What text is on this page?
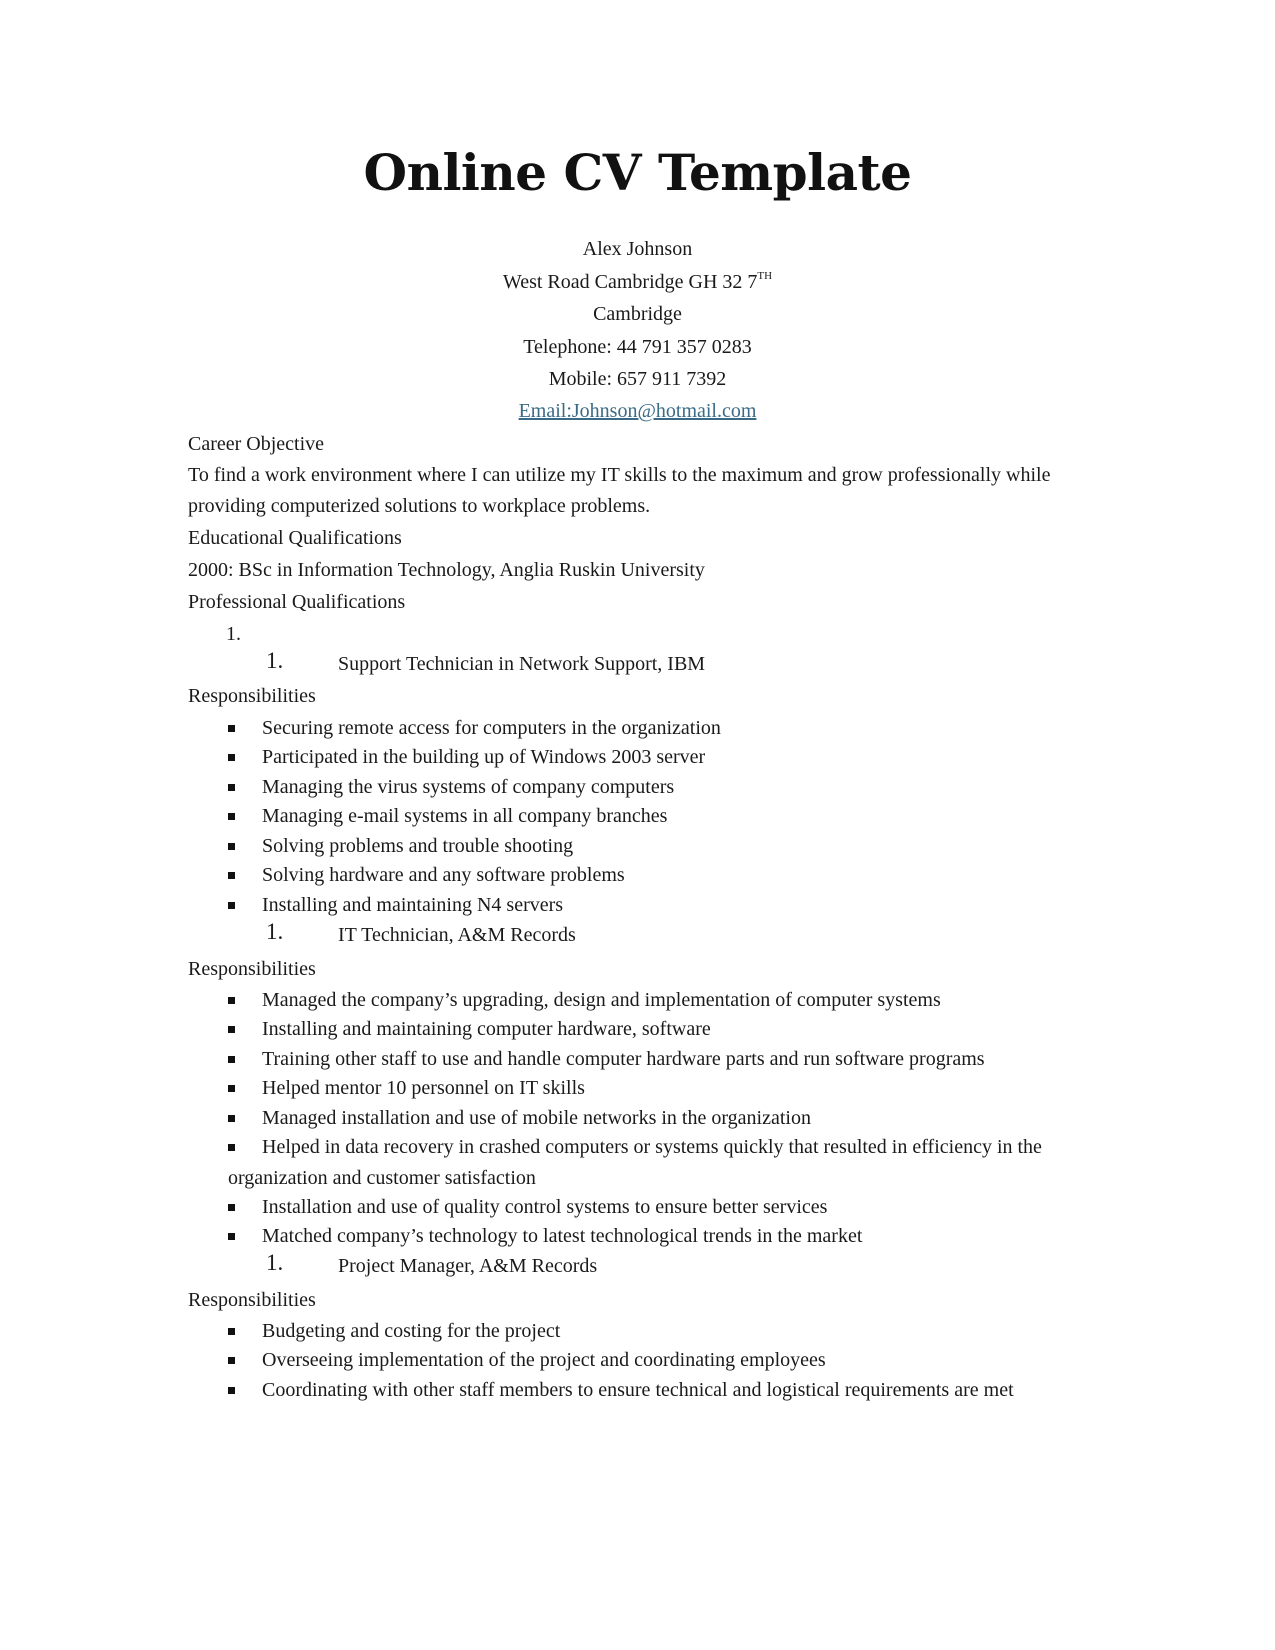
Online CV Template
Alex Johnson
West Road Cambridge GH 32 7TH
Cambridge
Telephone: 44 791 357 0283
Mobile: 657 911 7392
Email:Johnson@hotmail.com
Career Objective
To find a work environment where I can utilize my IT skills to the maximum and grow professionally while providing computerized solutions to workplace problems.
Educational Qualifications
2000: BSc in Information Technology, Anglia Ruskin University
Professional Qualifications
1.
1.	Support Technician in Network Support, IBM
Responsibilities
Securing remote access for computers in the organization
Participated in the building up of Windows 2003 server
Managing the virus systems of company computers
Managing e-mail systems in all company branches
Solving problems and trouble shooting
Solving hardware and any software problems
Installing and maintaining N4 servers
1.	IT Technician, A&M Records
Responsibilities
Managed the company’s upgrading, design and implementation of computer systems
Installing and maintaining computer hardware, software
Training other staff to use and handle computer hardware parts and run software programs
Helped mentor 10 personnel on IT skills
Managed installation and use of mobile networks in the organization
Helped in data recovery in crashed computers or systems quickly that resulted in efficiency in the organization and customer satisfaction
Installation and use of quality control systems to ensure better services
Matched company’s technology to latest technological trends in the market
1.	Project Manager, A&M Records
Responsibilities
Budgeting and costing for the project
Overseeing implementation of the project and coordinating employees
Coordinating with other staff members to ensure technical and logistical requirements are met
